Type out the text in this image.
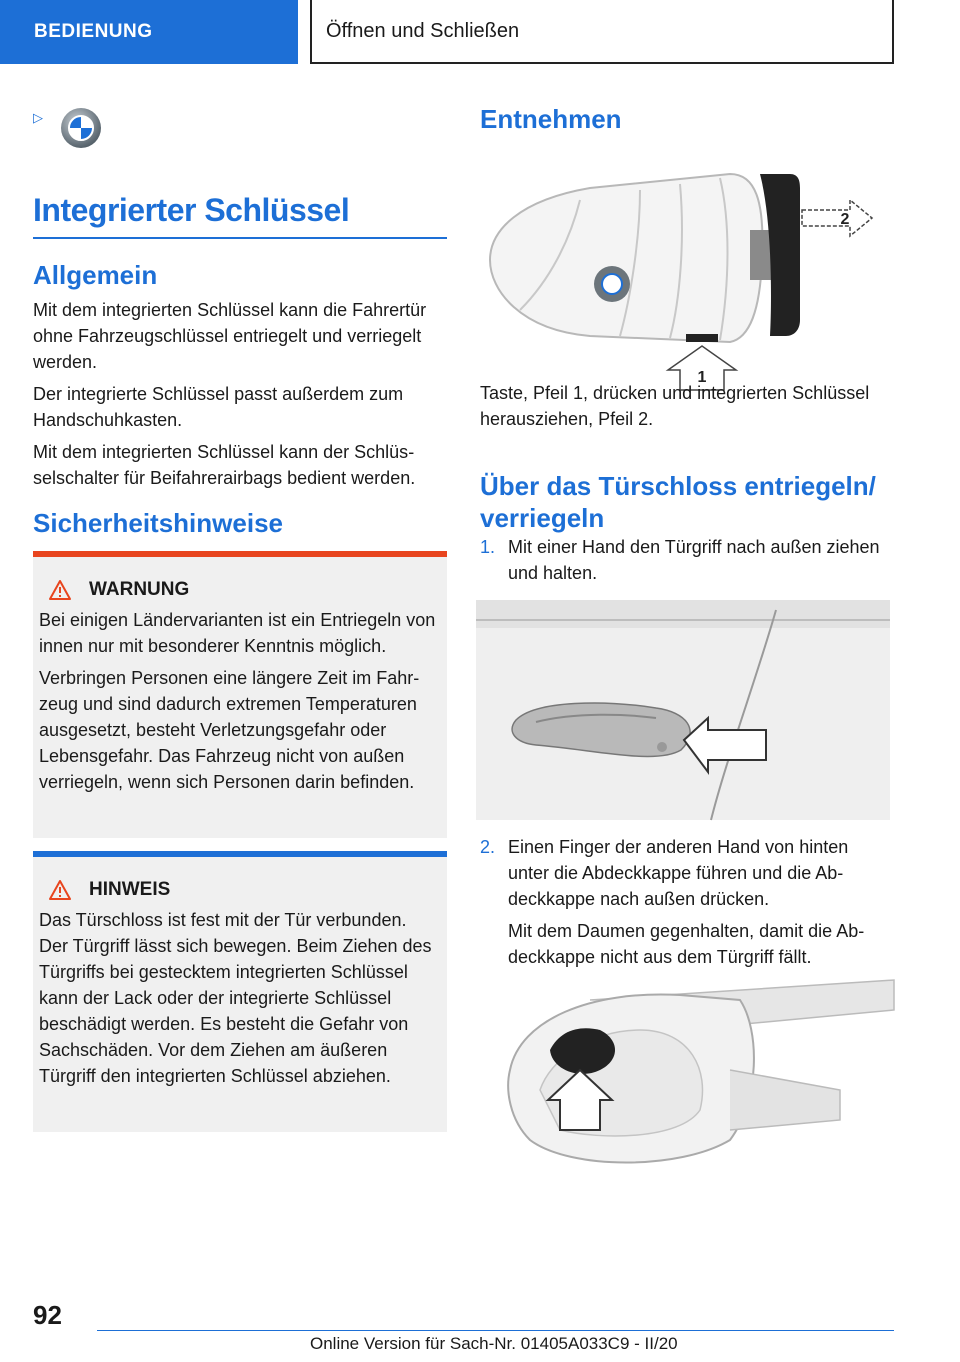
BEDIENUNG	Öffnen und Schließen
▷
Integrierter Schlüssel
Allgemein

Mit dem integrierten Schlüssel kann die Fahrertür ohne Fahrzeugschlüssel entriegelt und verriegelt werden.

Der integrierte Schlüssel passt außerdem zum Handschuhkasten.

Mit dem integrierten Schlüssel kann der Schlüsselschalter für Beifahrerairbags bedient werden.

Sicherheitshinweise
WARNUNG

Bei einigen Ländervarianten ist ein Entriegeln von innen nur mit besonderer Kenntnis möglich.

Verbringen Personen eine längere Zeit im Fahrzeug und sind dadurch extremen Temperaturen ausgesetzt, besteht Verletzungsgefahr oder Lebensgefahr. Das Fahrzeug nicht von außen verriegeln, wenn sich Personen darin befinden.

HINWEIS

Das Türschloss ist fest mit der Tür verbunden. Der Türgriff lässt sich bewegen. Beim Ziehen des Türgriffs bei gestecktem integrierten Schlüssel kann der Lack oder der integrierte Schlüssel beschädigt werden. Es besteht die Gefahr von Sachschäden. Vor dem Ziehen am äußeren Türgriff den integrierten Schlüssel abziehen.

Entnehmen
1
2

Taste, Pfeil 1, drücken und integrierten Schlüssel herausziehen, Pfeil 2.

Über das Türschloss entriegeln/ verriegeln
1. Mit einer Hand den Türgriff nach außen ziehen und halten.

2. Einen Finger der anderen Hand von hinten unter die Abdeckkappe führen und die Abdeckkappe nach außen drücken.

Mit dem Daumen gegenhalten, damit die Abdeckkappe nicht aus dem Türgriff fällt.

92
Online Version für Sach-Nr. 01405A033C9 - II/20
